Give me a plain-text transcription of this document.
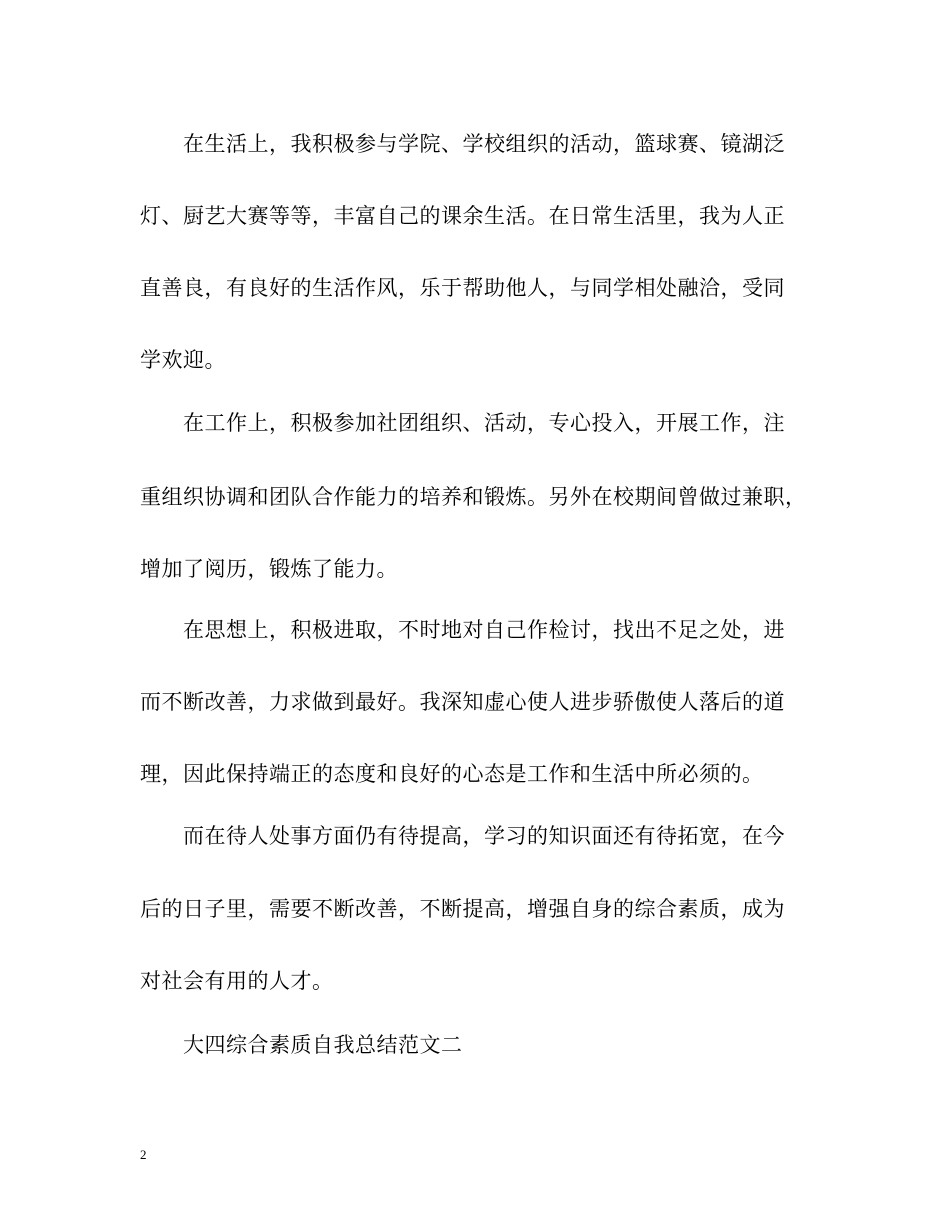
在生活上，我积极参与学院、学校组织的活动，篮球赛、镜湖泛
灯、厨艺大赛等等，丰富自己的课余生活。在日常生活里，我为人正
直善良，有良好的生活作风，乐于帮助他人，与同学相处融洽，受同
学欢迎。
在工作上，积极参加社团组织、活动，专心投入，开展工作，注
重组织协调和团队合作能力的培养和锻炼。另外在校期间曾做过兼职，
增加了阅历，锻炼了能力。
在思想上，积极进取，不时地对自己作检讨，找出不足之处，进
而不断改善，力求做到最好。我深知虚心使人进步骄傲使人落后的道
理，因此保持端正的态度和良好的心态是工作和生活中所必须的。
而在待人处事方面仍有待提高，学习的知识面还有待拓宽，在今
后的日子里，需要不断改善，不断提高，增强自身的综合素质，成为
对社会有用的人才。
大四综合素质自我总结范文二
2
